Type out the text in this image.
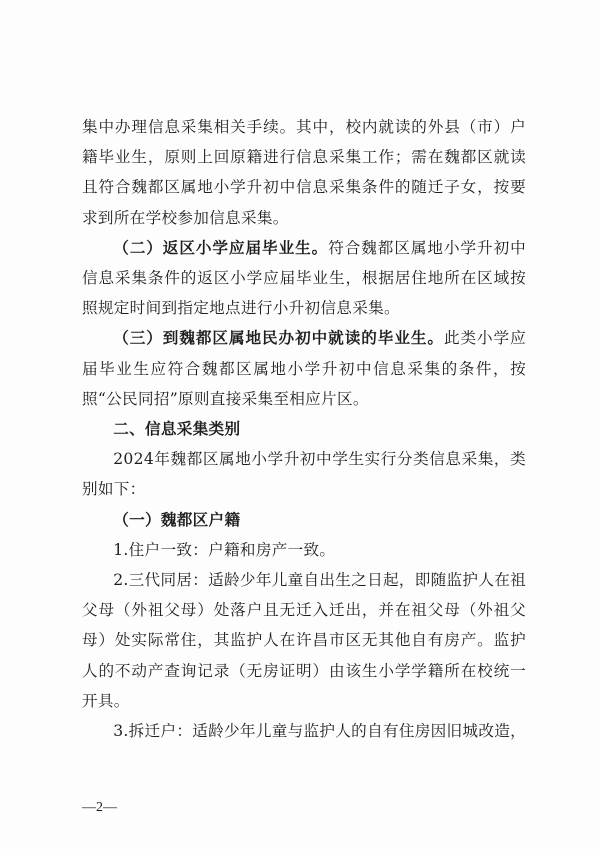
集中办理信息采集相关手续。其中，校内就读的外县（市）户籍毕业生，原则上回原籍进行信息采集工作；需在魏都区就读且符合魏都区属地小学升初中信息采集条件的随迁子女，按要求到所在学校参加信息采集。

（二）返区小学应届毕业生。符合魏都区属地小学升初中信息采集条件的返区小学应届毕业生，根据居住地所在区域按照规定时间到指定地点进行小升初信息采集。

（三）到魏都区属地民办初中就读的毕业生。此类小学应届毕业生应符合魏都区属地小学升初中信息采集的条件，按照“公民同招”原则直接采集至相应片区。

二、信息采集类别

2024年魏都区属地小学升初中学生实行分类信息采集，类别如下：

（一）魏都区户籍

1.住户一致：户籍和房产一致。

2.三代同居：适龄少年儿童自出生之日起，即随监护人在祖父母（外祖父母）处落户且无迁入迁出，并在祖父母（外祖父母）处实际常住，其监护人在许昌市区无其他自有房产。监护人的不动产查询记录（无房证明）由该生小学学籍所在校统一开具。

3.拆迁户：适龄少年儿童与监护人的自有住房因旧城改造，

—2—
